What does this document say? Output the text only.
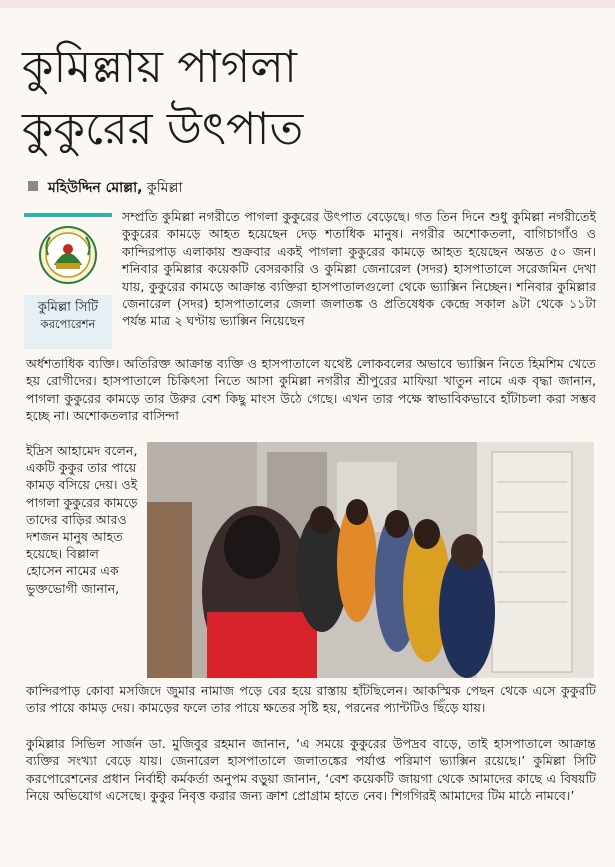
কুমিল্লায় পাগলা
কুকুরের উৎপাত
মহিউদ্দিন মোল্লা, কুমিল্লা
কুমিল্লা সিটি
করপোরেশন

সম্প্রতি কুমিল্লা নগরীতে পাগলা কুকুরের উৎপাত বেড়েছে। গত তিন দিনে শুধু কুমিল্লা নগরীতেই কুকুরের কামড়ে আহত হয়েছেন দেড় শতাধিক মানুষ। নগরীর অশোকতলা, বাগিচাগাঁও ও কান্দিরপাড় এলাকায় শুক্রবার একই পাগলা কুকুরের কামড়ে আহত হয়েছেন অন্তত ৫০ জন। শনিবার কুমিল্লার কয়েকটি বেসরকারি ও কুমিল্লা জেনারেল (সদর) হাসপাতালে সরেজমিন দেখা যায়, কুকুরের কামড়ে আক্রান্ত ব্যক্তিরা হাসপাতালগুলো থেকে ভ্যাক্সিন নিচ্ছেন। শনিবার কুমিল্লার জেনারেল (সদর) হাসপাতালের জেলা জলাতঙ্ক ও প্রতিষেধক কেন্দ্রে সকাল ৯টা থেকে ১১টা পর্যন্ত মাত্র ২ ঘণ্টায় ভ্যাক্সিন নিয়েছেন

অর্ধশতাধিক ব্যক্তি। অতিরিক্ত আক্রান্ত ব্যক্তি ও হাসপাতালে যথেষ্ট লোকবলের অভাবে ভ্যাক্সিন নিতে হিমশিম খেতে হয় রোগীদের। হাসপাতালে চিকিৎসা নিতে আসা কুমিল্লা নগরীর শ্রীপুরের মাফিয়া খাতুন নামে এক বৃদ্ধা জানান, পাগলা কুকুরের কামড়ে তার উরুর বেশ কিছু মাংস উঠে গেছে। এখন তার পক্ষে স্বাভাবিকভাবে হাঁটাচলা করা সম্ভব হচ্ছে না। অশোকতলার বাসিন্দা

ইদ্রিস আহামেদ বলেন, একটি কুকুর তার পায়ে কামড় বসিয়ে দেয়। ওই পাগলা কুকুরের কামড়ে তাদের বাড়ির আরও দশজন মানুষ আহত হয়েছে। বিল্লাল হোসেন নামের এক ভুক্তভোগী জানান,

কান্দিরপাড় কোবা মসজিদে জুমার নামাজ পড়ে বের হয়ে রাস্তায় হাঁটছিলেন। আকস্মিক পেছন থেকে এসে কুকুরটি তার পায়ে কামড় দেয়। কামড়ের ফলে তার পায়ে ক্ষতের সৃষ্টি হয়, পরনের প্যান্টটিও ছিঁড়ে যায়।

কুমিল্লার সিভিল সার্জন ডা. মুজিবুর রহমান জানান, ‘এ সময়ে কুকুরের উপদ্রব বাড়ে, তাই হাসপাতালে আক্রান্ত ব্যক্তির সংখ্যা বেড়ে যায়। জেনারেল হাসপাতালে জলাতঙ্কের পর্যাপ্ত পরিমাণ ভ্যাক্সিন রয়েছে।’ কুমিল্লা সিটি করপোরেশনের প্রধান নির্বাহী কর্মকর্তা অনুপম বড়ুয়া জানান, ‘বেশ কয়েকটি জায়গা থেকে আমাদের কাছে এ বিষয়টি নিয়ে অভিযোগ এসেছে। কুকুর নিবৃত্ত করার জন্য ক্রাশ প্রোগ্রাম হাতে নেব। শিগগিরই আমাদের টিম মাঠে নামবে।’
